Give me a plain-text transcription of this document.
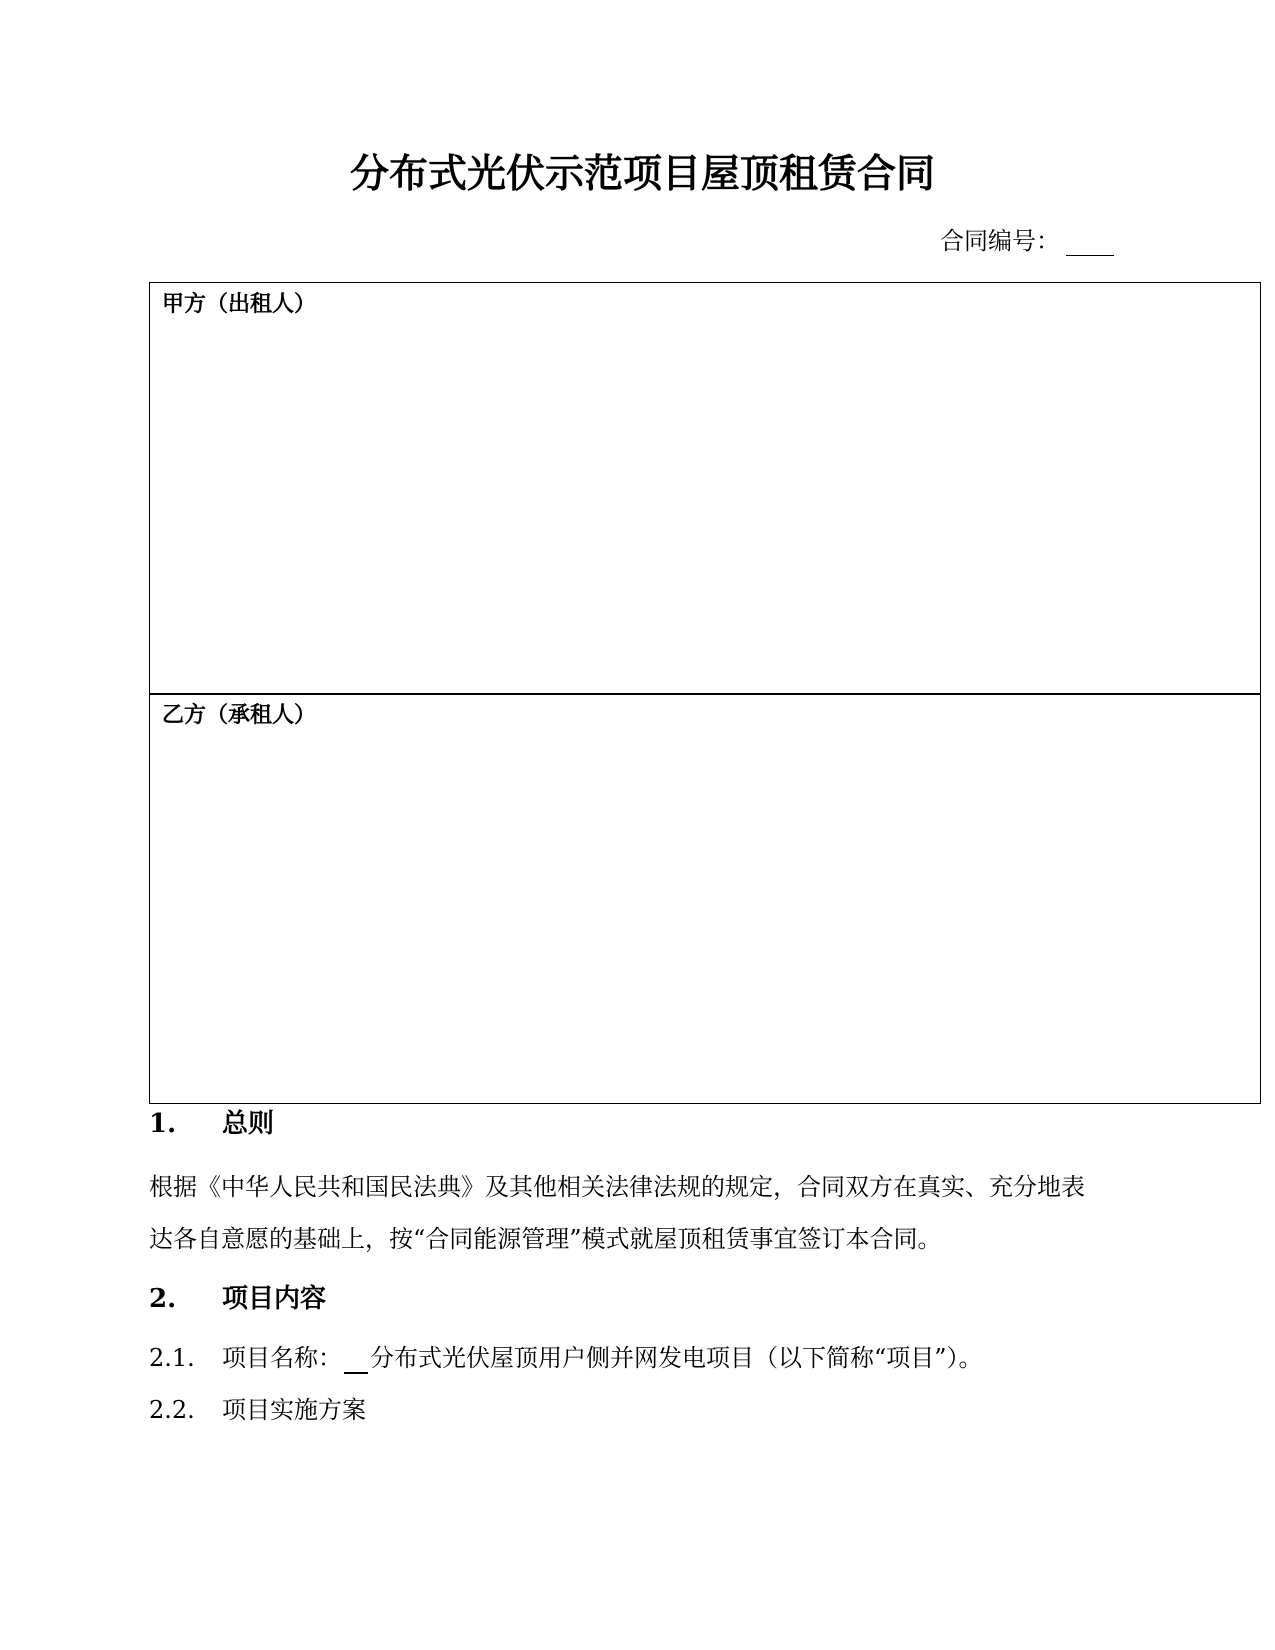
分布式光伏示范项目屋顶租赁合同
合同编号：
甲方（出租人）
乙方（承租人）
1. 总则
根据《中华人民共和国民法典》及其他相关法律法规的规定，合同双方在真实、充分地表
达各自意愿的基础上，按“合同能源管理”模式就屋顶租赁事宜签订本合同。
2. 项目内容
2.1. 项目名称： 分布式光伏屋顶用户侧并网发电项目（以下简称“项目”）。
2.2. 项目实施方案
